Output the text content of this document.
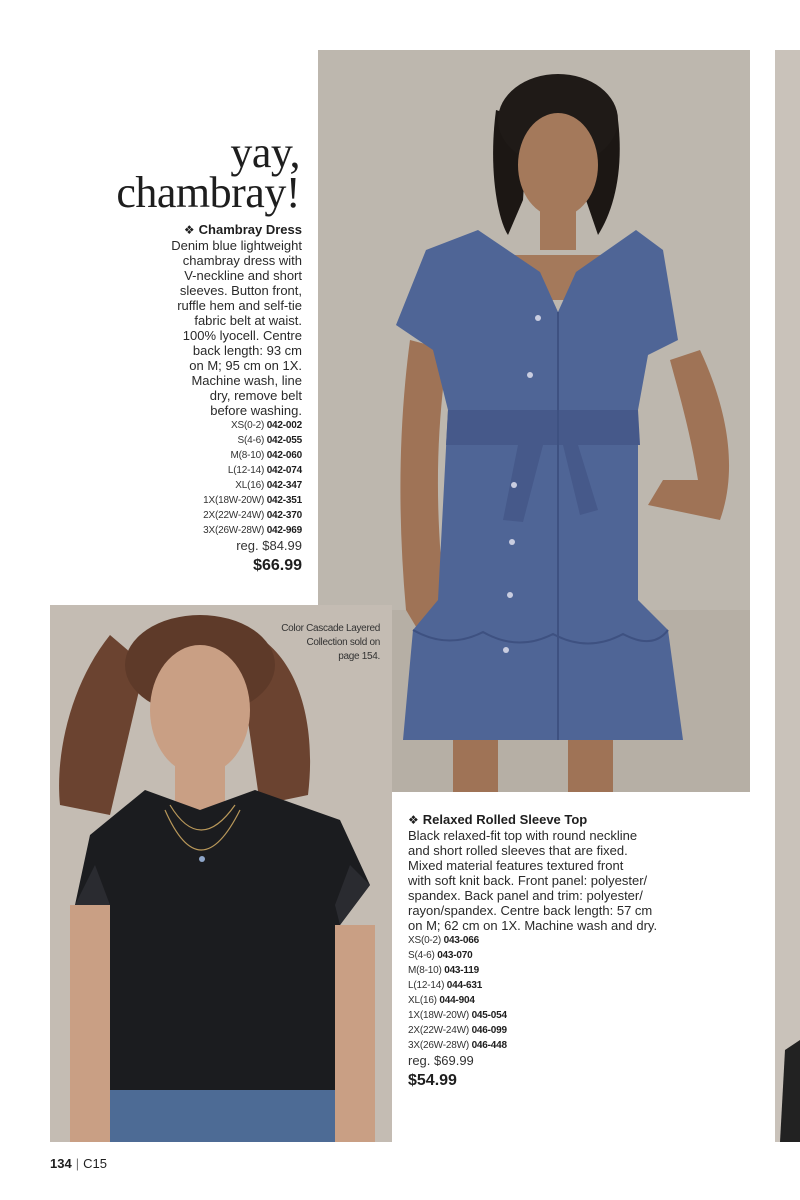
yay,
chambray!
❖ Chambray Dress
Denim blue lightweight
chambray dress with
V-neckline and short
sleeves. Button front,
ruffle hem and self-tie
fabric belt at waist.
100% lyocell. Centre
back length: 93 cm
on M; 95 cm on 1X.
Machine wash, line
dry, remove belt
before washing.
XS(0-2) 042-002
S(4-6) 042-055
M(8-10) 042-060
L(12-14) 042-074
XL(16) 042-347
1X(18W-20W) 042-351
2X(22W-24W) 042-370
3X(26W-28W) 042-969
reg. $84.99
$66.99
Color Cascade Layered
Collection sold on
page 154.
❖ Relaxed Rolled Sleeve Top
Black relaxed-fit top with round neckline
and short rolled sleeves that are fixed.
Mixed material features textured front
with soft knit back. Front panel: polyester/
spandex. Back panel and trim: polyester/
rayon/spandex. Centre back length: 57 cm
on M; 62 cm on 1X. Machine wash and dry.
XS(0-2) 043-066
S(4-6) 043-070
M(8-10) 043-119
L(12-14) 044-631
XL(16) 044-904
1X(18W-20W) 045-054
2X(22W-24W) 046-099
3X(26W-28W) 046-448
reg. $69.99
$54.99
134 | C15
